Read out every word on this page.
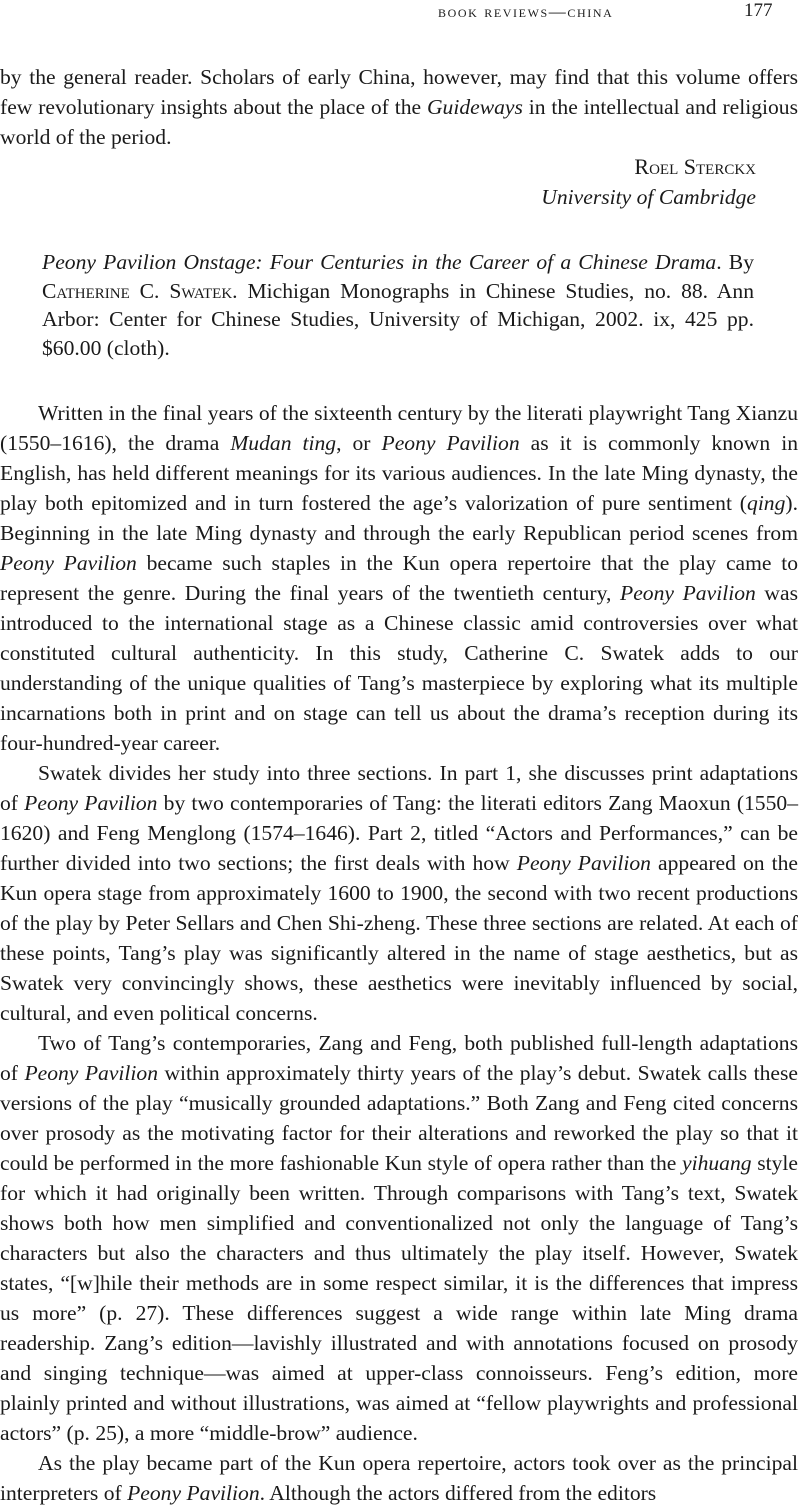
book reviews—china	177

by the general reader. Scholars of early China, however, may find that this volume offers few revolutionary insights about the place of the Guideways in the intellectual and religious world of the period.

Roel Sterckx
University of Cambridge

Peony Pavilion Onstage: Four Centuries in the Career of a Chinese Drama. By Catherine C. Swatek. Michigan Monographs in Chinese Studies, no. 88. Ann Arbor: Center for Chinese Studies, University of Michigan, 2002. ix, 425 pp. $60.00 (cloth).

Written in the final years of the sixteenth century by the literati playwright Tang Xianzu (1550–1616), the drama Mudan ting, or Peony Pavilion as it is commonly known in English, has held different meanings for its various audiences. In the late Ming dynasty, the play both epitomized and in turn fostered the age’s valorization of pure sentiment (qing). Beginning in the late Ming dynasty and through the early Republican period scenes from Peony Pavilion became such staples in the Kun opera repertoire that the play came to represent the genre. During the final years of the twentieth century, Peony Pavilion was introduced to the international stage as a Chinese classic amid controversies over what constituted cultural authenticity. In this study, Catherine C. Swatek adds to our understanding of the unique qualities of Tang’s masterpiece by exploring what its multiple incarnations both in print and on stage can tell us about the drama’s reception during its four-hundred-year career.

Swatek divides her study into three sections. In part 1, she discusses print adaptations of Peony Pavilion by two contemporaries of Tang: the literati editors Zang Maoxun (1550–1620) and Feng Menglong (1574–1646). Part 2, titled “Actors and Performances,” can be further divided into two sections; the first deals with how Peony Pavilion appeared on the Kun opera stage from approximately 1600 to 1900, the second with two recent productions of the play by Peter Sellars and Chen Shi-zheng. These three sections are related. At each of these points, Tang’s play was significantly altered in the name of stage aesthetics, but as Swatek very convincingly shows, these aesthetics were inevitably influenced by social, cultural, and even political concerns.

Two of Tang’s contemporaries, Zang and Feng, both published full-length adaptations of Peony Pavilion within approximately thirty years of the play’s debut. Swatek calls these versions of the play “musically grounded adaptations.” Both Zang and Feng cited concerns over prosody as the motivating factor for their alterations and reworked the play so that it could be performed in the more fashionable Kun style of opera rather than the yihuang style for which it had originally been written. Through comparisons with Tang’s text, Swatek shows both how men simplified and conventionalized not only the language of Tang’s characters but also the characters and thus ultimately the play itself. However, Swatek states, “[w]hile their methods are in some respect similar, it is the differences that impress us more” (p. 27). These differences suggest a wide range within late Ming drama readership. Zang’s edition—lavishly illustrated and with annotations focused on prosody and singing technique—was aimed at upper-class connoisseurs. Feng’s edition, more plainly printed and without illustrations, was aimed at “fellow playwrights and professional actors” (p. 25), a more “middle-brow” audience.

As the play became part of the Kun opera repertoire, actors took over as the principal interpreters of Peony Pavilion. Although the actors differed from the editors
